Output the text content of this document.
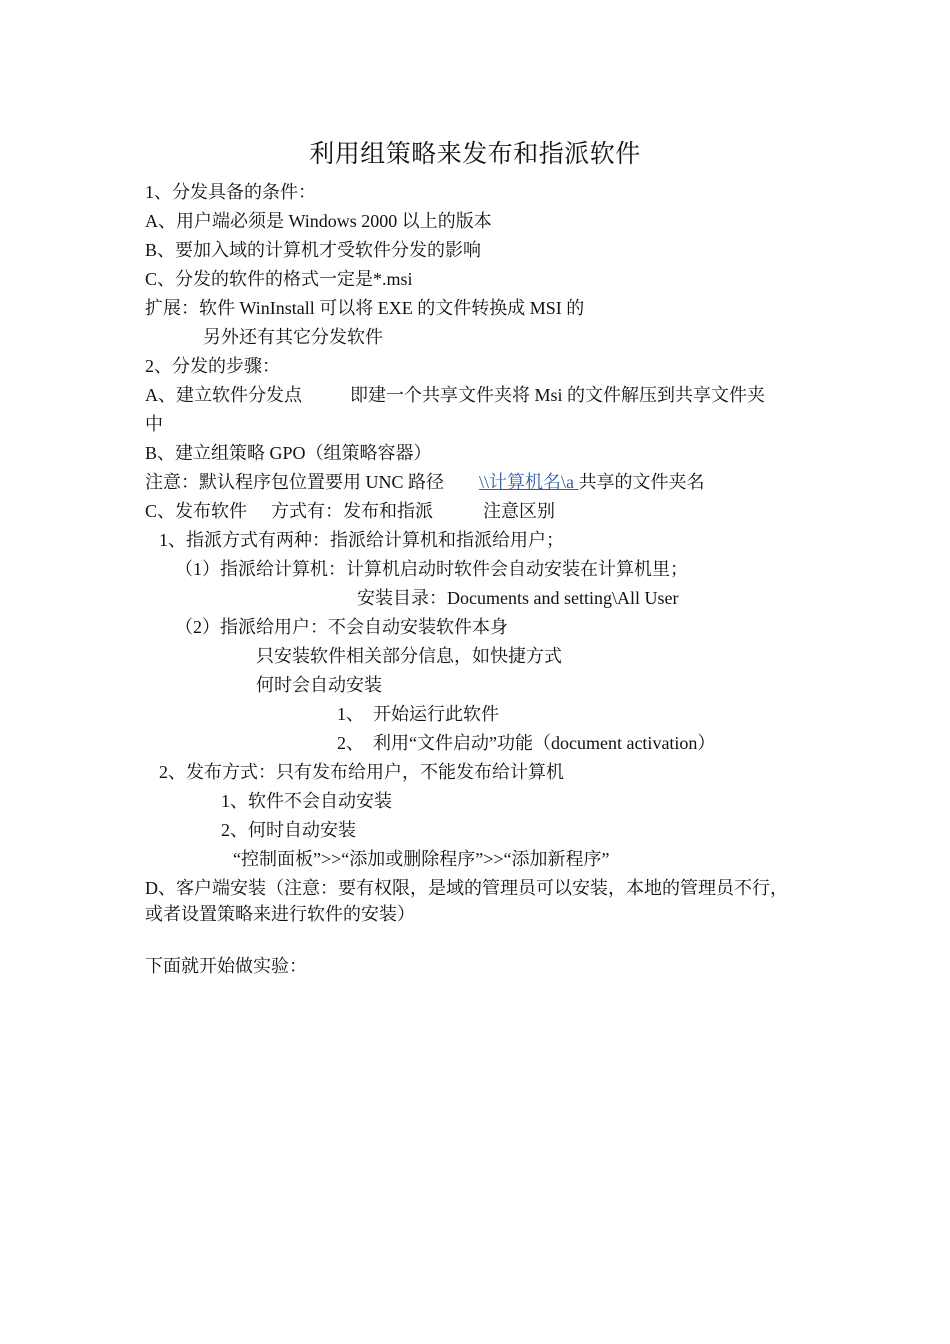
利用组策略来发布和指派软件
1、分发具备的条件：
A、用户端必须是 Windows 2000 以上的版本
B、要加入域的计算机才受软件分发的影响
C、分发的软件的格式一定是*.msi
扩展：软件 WinInstall 可以将 EXE 的文件转换成 MSI 的
另外还有其它分发软件
2、分发的步骤：
A、建立软件分发点	即建一个共享文件夹将 Msi 的文件解压到共享文件夹
中
B、建立组策略 GPO（组策略容器）
注意：默认程序包位置要用 UNC 路径 \\计算机名\a 共享的文件夹名
C、发布软件 方式有：发布和指派	注意区别
1、指派方式有两种：指派给计算机和指派给用户；
（1）指派给计算机：计算机启动时软件会自动安装在计算机里；
安装目录：Documents and setting\All User
（2）指派给用户：不会自动安装软件本身
只安装软件相关部分信息，如快捷方式
何时会自动安装
1、　开始运行此软件
2、　利用“文件启动”功能（document activation）
2、发布方式：只有发布给用户，不能发布给计算机
1、软件不会自动安装
2、何时自动安装
“控制面板”>>“添加或删除程序”>>“添加新程序”
D、客户端安装（注意：要有权限，是域的管理员可以安装，本地的管理员不行，或者设置策略来进行软件的安装）
下面就开始做实验：
